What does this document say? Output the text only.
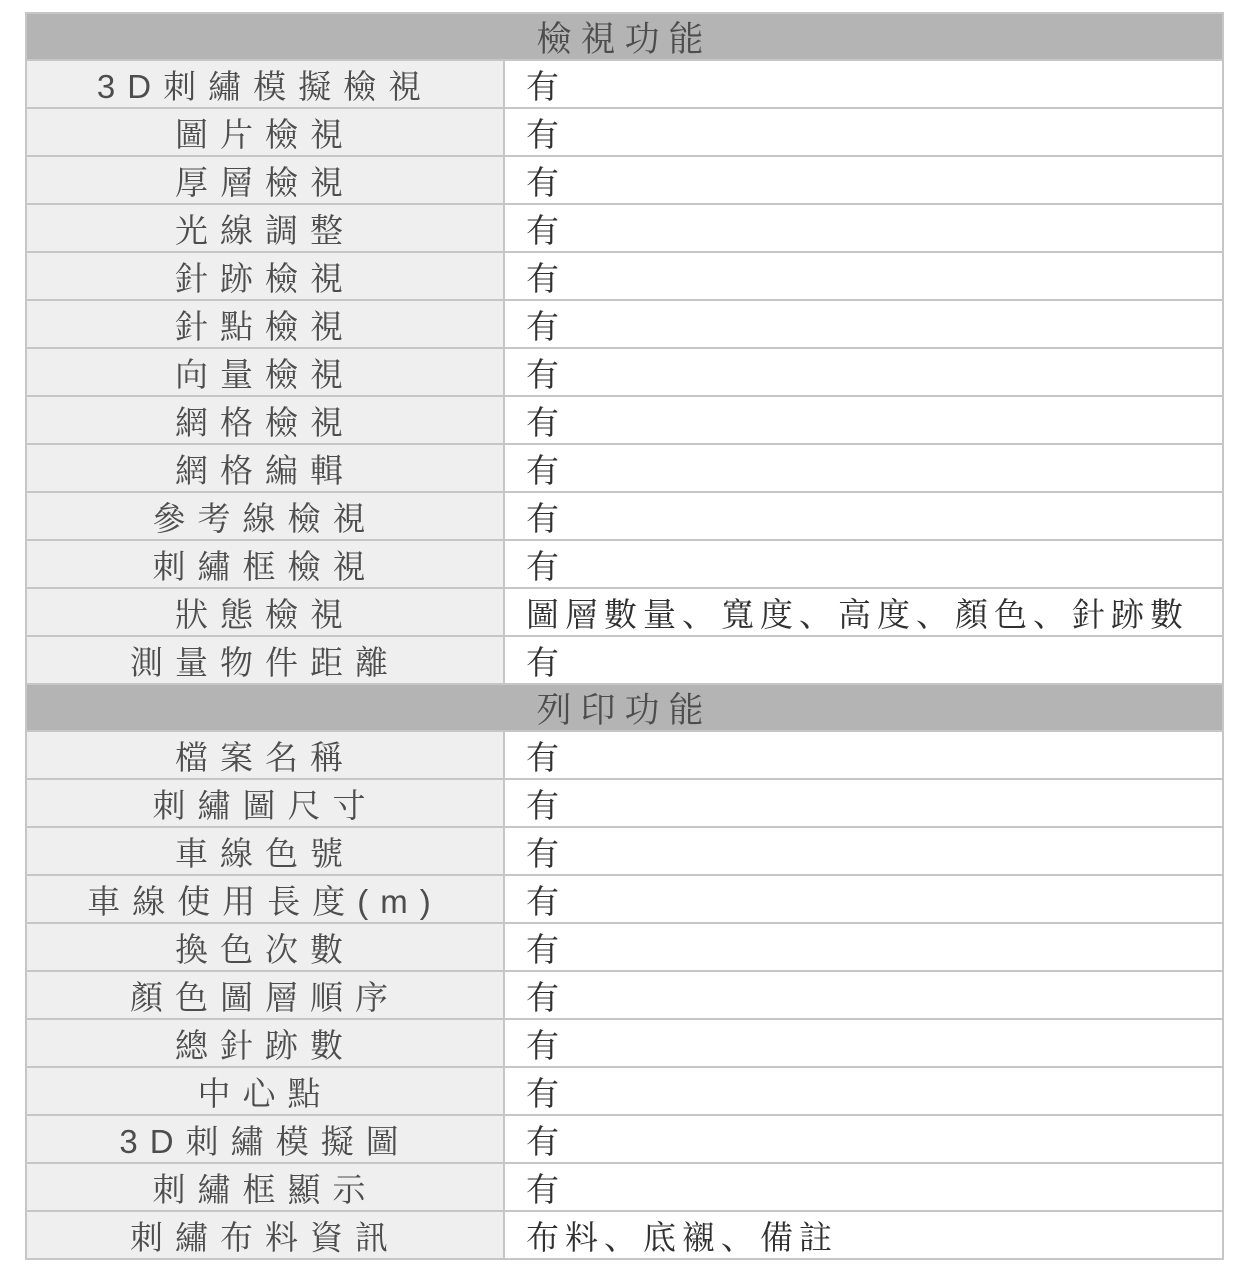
檢視功能
3D刺繡模擬檢視	有
圖片檢視	有
厚層檢視	有
光線調整	有
針跡檢視	有
針點檢視	有
向量檢視	有
網格檢視	有
網格編輯	有
參考線檢視	有
刺繡框檢視	有
狀態檢視	圖層數量、寬度、高度、顏色、針跡數
測量物件距離	有
列印功能
檔案名稱	有
刺繡圖尺寸	有
車線色號	有
車線使用長度(m)	有
換色次數	有
顏色圖層順序	有
總針跡數	有
中心點	有
3D刺繡模擬圖	有
刺繡框顯示	有
刺繡布料資訊	布料、底襯、備註
